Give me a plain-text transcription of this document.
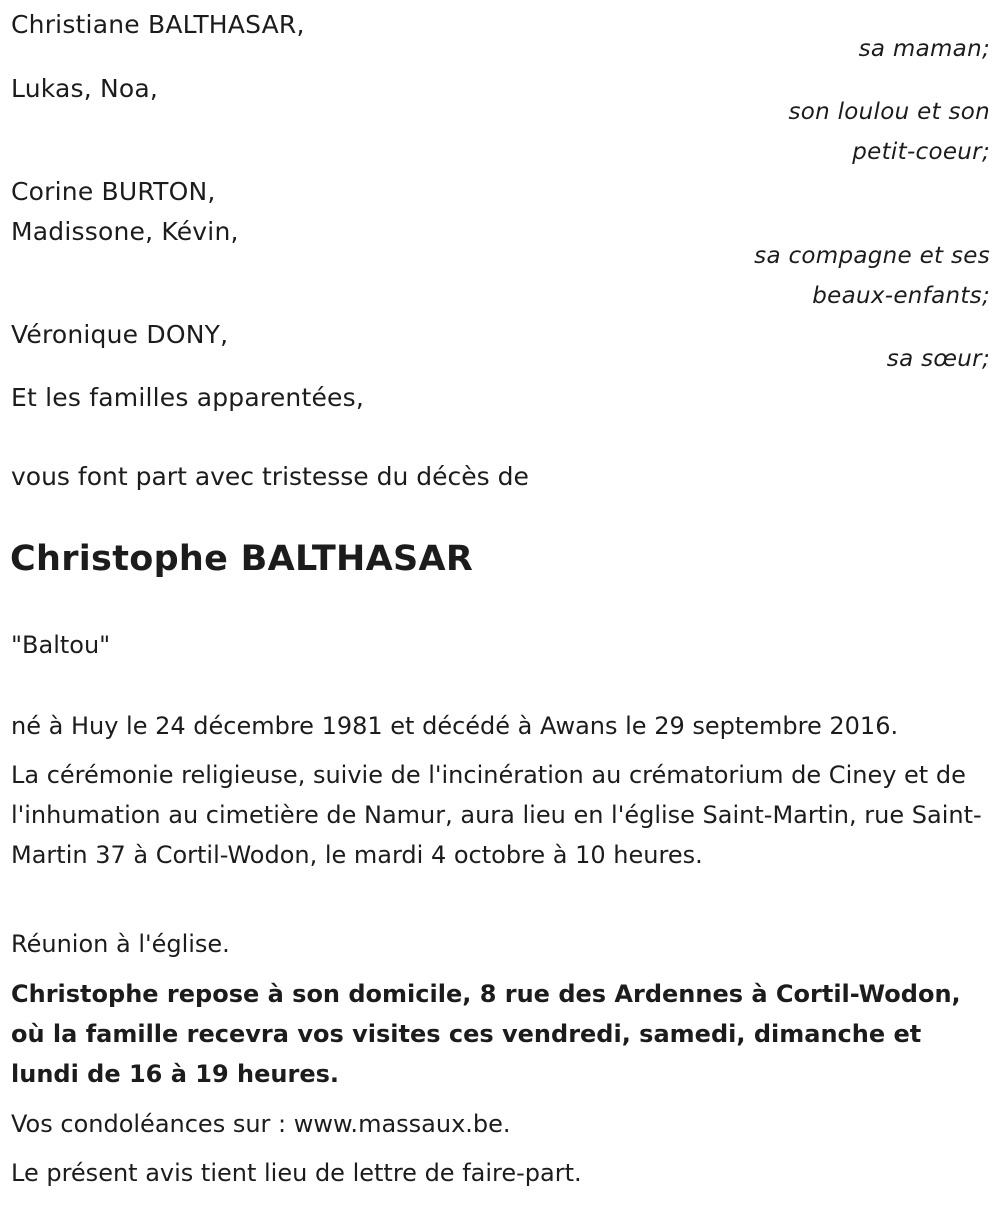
Christiane BALTHASAR,
sa maman;
Lukas, Noa,
son loulou et son
petit-coeur;
Corine BURTON,
Madissone, Kévin,
sa compagne et ses
beaux-enfants;
Véronique DONY,
sa sœur;
Et les familles apparentées,
vous font part avec tristesse du décès de
Christophe BALTHASAR
"Baltou"
né à Huy le 24 décembre 1981 et décédé à Awans le 29 septembre 2016.
La cérémonie religieuse, suivie de l'incinération au crématorium de Ciney et de l'inhumation au cimetière de Namur, aura lieu en l'église Saint-Martin, rue Saint-Martin 37 à Cortil-Wodon, le mardi 4 octobre à 10 heures.
Réunion à l'église.
Christophe repose à son domicile, 8 rue des Ardennes à Cortil-Wodon, où la famille recevra vos visites ces vendredi, samedi, dimanche et lundi de 16 à 19 heures.
Vos condoléances sur : www.massaux.be.
Le présent avis tient lieu de lettre de faire-part.
